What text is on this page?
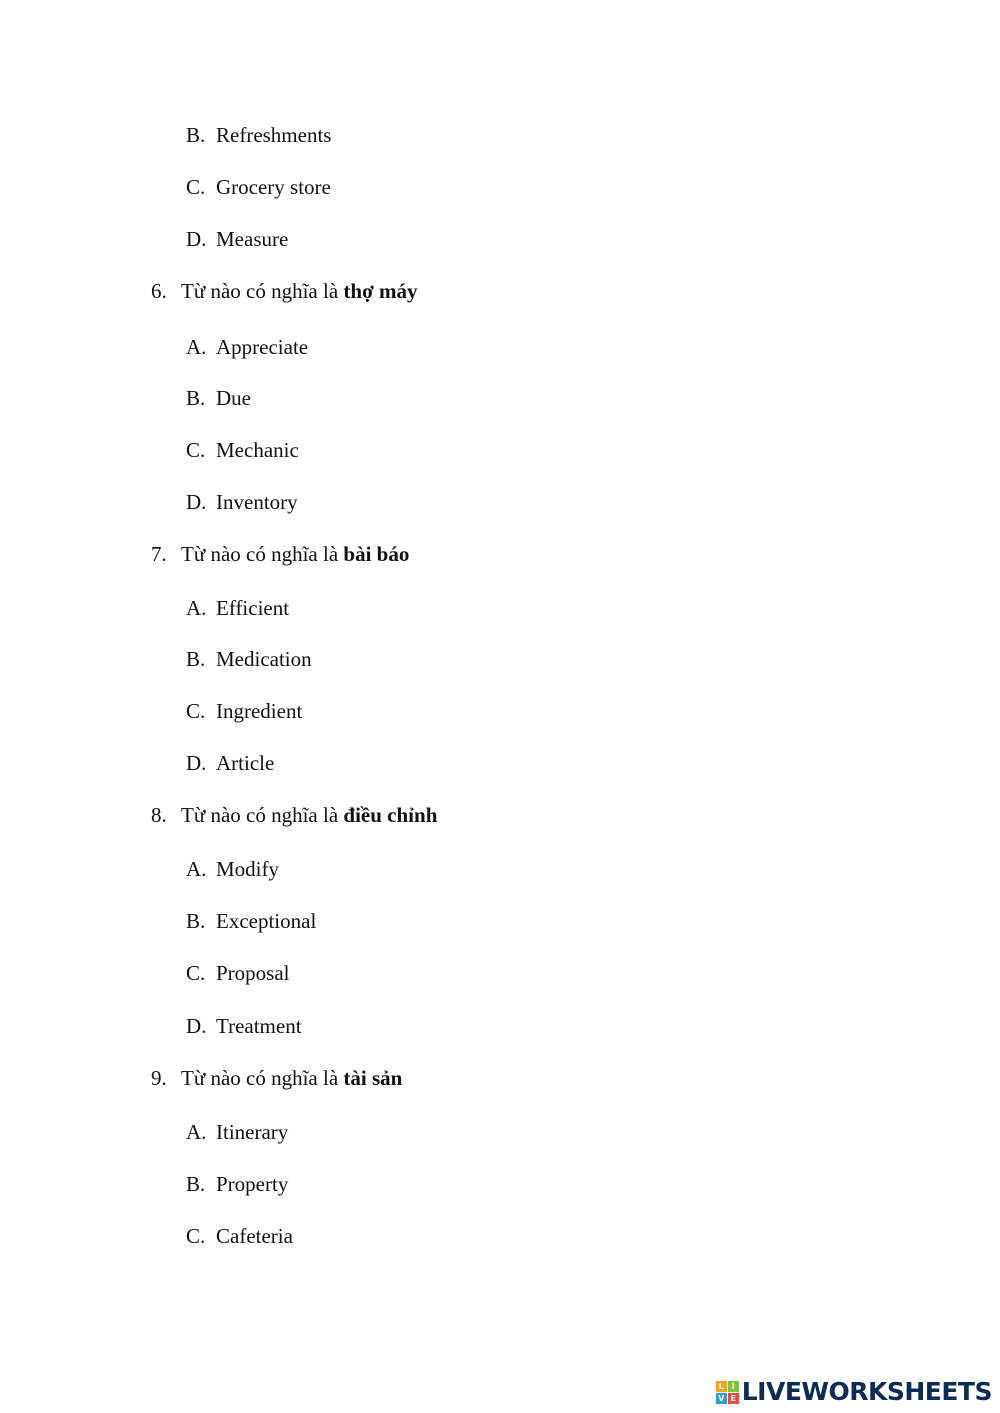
B. Refreshments
C. Grocery store
D. Measure
6. Từ nào có nghĩa là thợ máy
A. Appreciate
B. Due
C. Mechanic
D. Inventory
7. Từ nào có nghĩa là bài báo
A. Efficient
B. Medication
C. Ingredient
D. Article
8. Từ nào có nghĩa là điều chỉnh
A. Modify
B. Exceptional
C. Proposal
D. Treatment
9. Từ nào có nghĩa là tài sản
A. Itinerary
B. Property
C. Cafeteria
L I
V E LIVEWORKSHEETS
